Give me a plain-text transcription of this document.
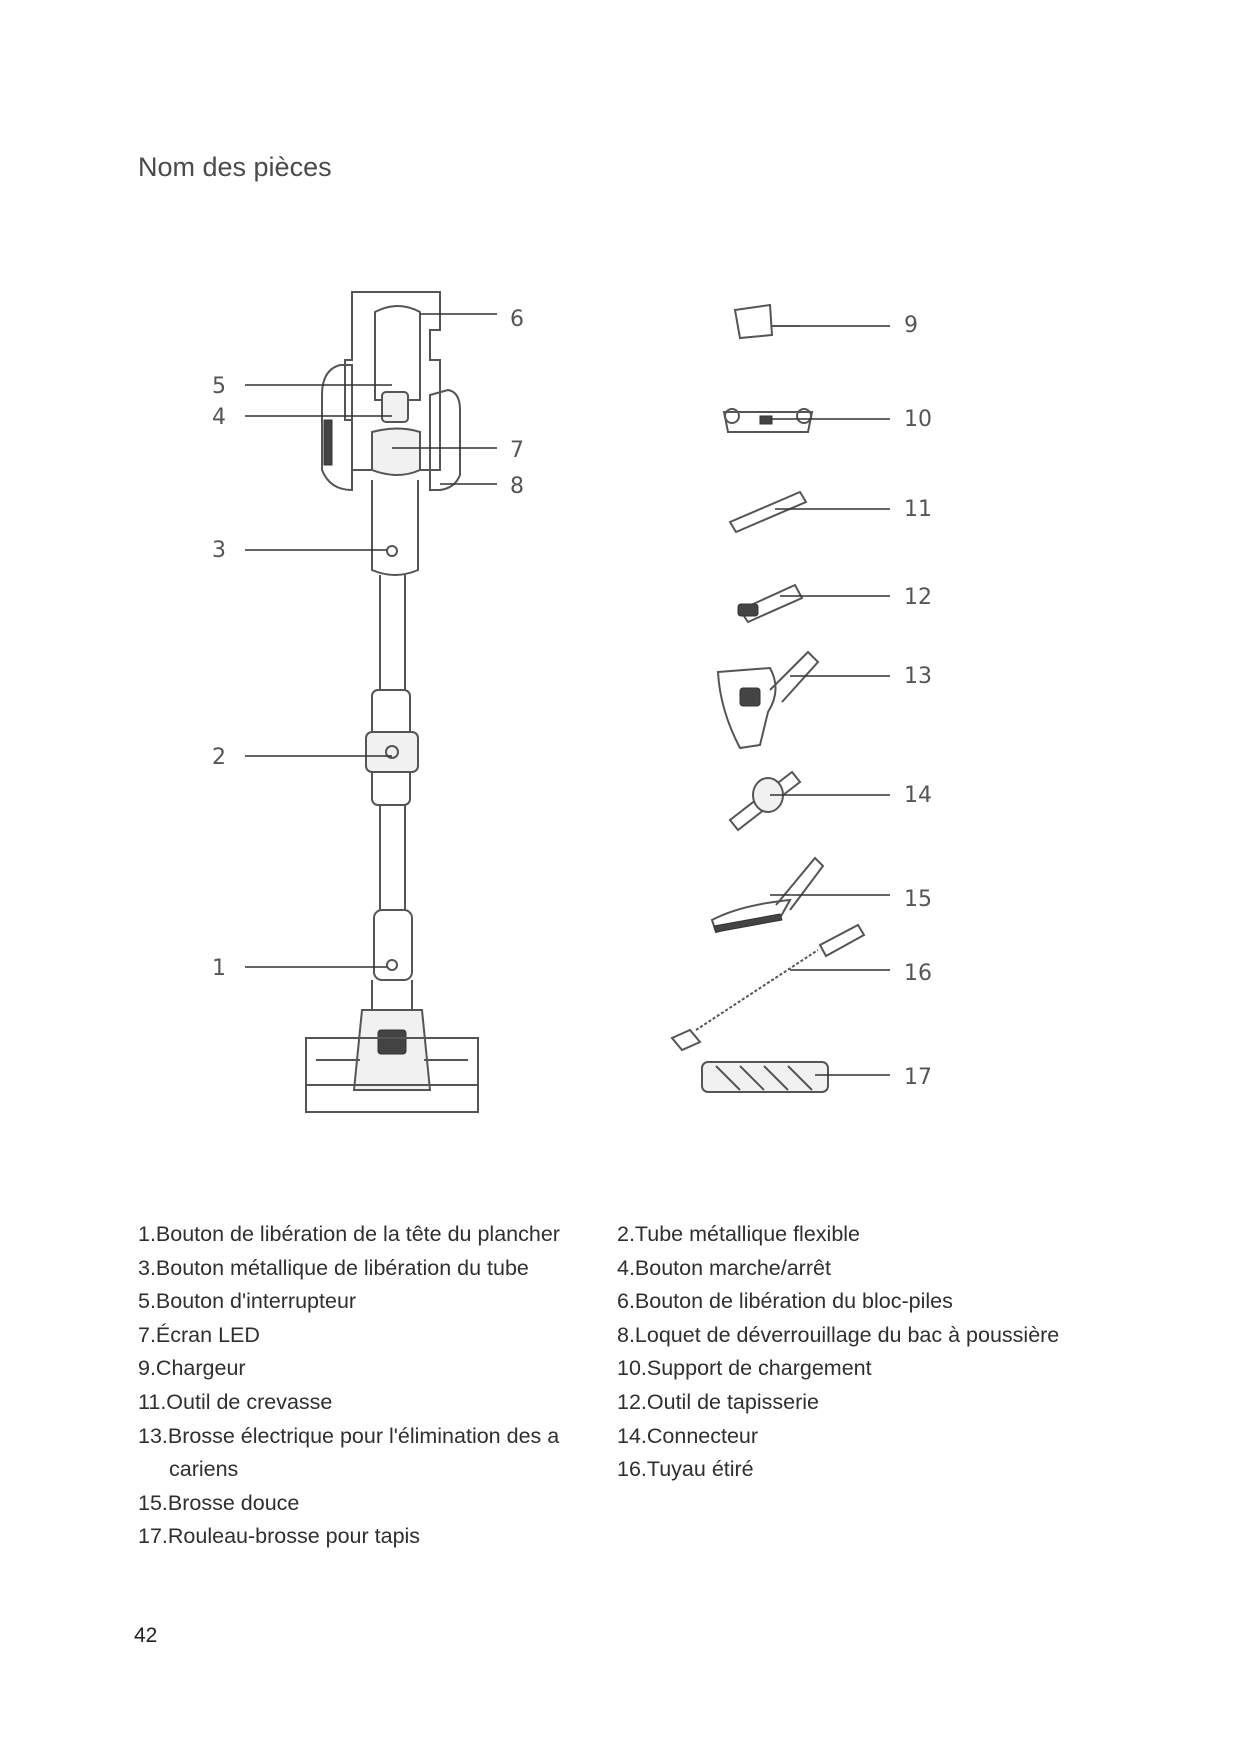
Nom des pièces
6
5
4
7
8
3
2
1
9
10
11
12
13
14
15
16
17
1.Bouton de libération de la tête du plancher
3.Bouton métallique de libération du tube
5.Bouton d'interrupteur
7.Écran LED
9.Chargeur
11.Outil de crevasse
13.Brosse électrique pour l'élimination des a cariens
15.Brosse douce
17.Rouleau-brosse pour tapis
2.Tube métallique flexible
4.Bouton marche/arrêt
6.Bouton de libération du bloc-piles
8.Loquet de déverrouillage du bac à poussière
10.Support de chargement
12.Outil de tapisserie
14.Connecteur
16.Tuyau étiré
42
